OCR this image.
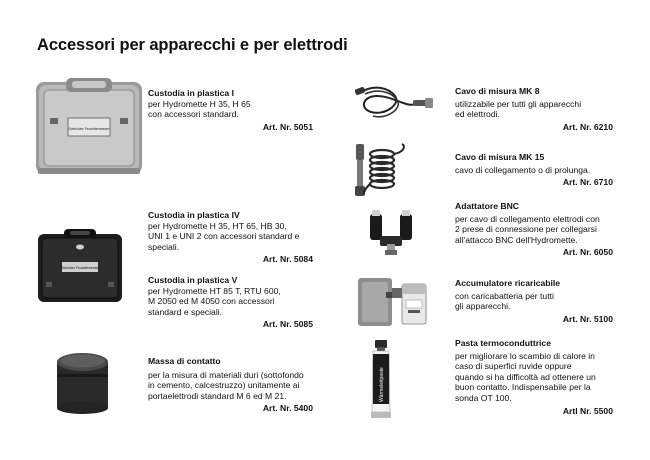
Accessori per apparecchi e per elettrodi
Gebrüder Feuchtemesser
Gebrüder Feuchtemesser
Wärmeleitpaste
Custodia in plastica I
per Hydromette H 35, H 65
con accessori standard.
Art. Nr. 5051
Custodia in plastica IV
per Hydromette H 35, HT 65, HB 30,
UNI 1 e UNI 2 con accessori standard e
speciali.
Art. Nr. 5084
Custodia in plastica V
per Hydromette HT 85 T, RTU 600,
M 2050 ed M 4050 con accessori
standard e speciali.
Art. Nr. 5085
Massa di contatto
per la misura di materiali duri (sottofondo
in cemento, calcestruzzo) unitamente ai
portaelettrodi standard M 6 ed M 21.
Art. Nr. 5400
Cavo di misura MK 8
utilizzabile per tutti gli apparecchi
ed elettrodi.
Art. Nr. 6210
Cavo di misura MK 15
cavo di collegamento o di prolunga.
Art. Nr. 6710
Adattatore BNC
per cavo di collegamento elettrodi con
2 prese di connessione per collegarsi
all'attacco BNC dell'Hydromette.
Art. Nr. 6050
Accumulatore ricaricabile
con caricabatteria per tutti
gli apparecchi.
Art. Nr. 5100
Pasta termoconduttrice
per migliorare lo scambio di calore in
caso di superfici ruvide oppure
quando si ha difficoltà ad ottenere un
buon contatto. Indispensabile per la
sonda OT 100.
Artl Nr. 5500
